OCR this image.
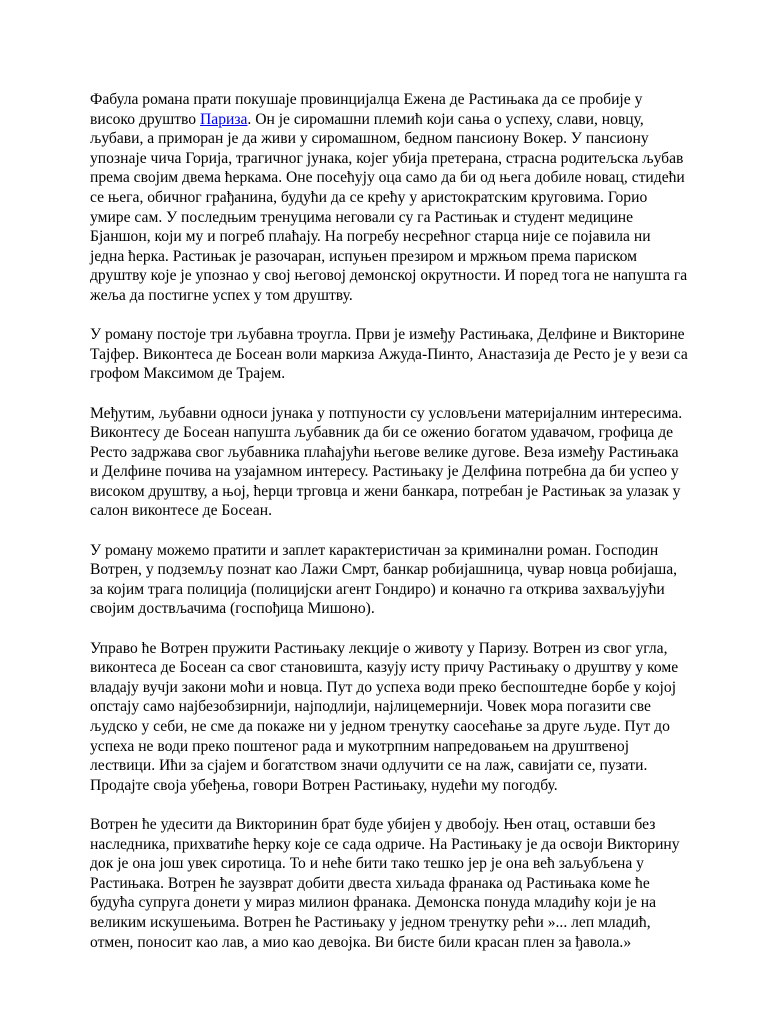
Фабула романа прати покушаје провинцијалца Ежена де Растињака да се пробије у високо друштво Париза. Он је сиромашни племић који сања о успеху, слави, новцу, љубави, а приморан је да живи у сиромашном, бедном пансиону Вокер. У пансиону упознаје чича Горија, трагичног јунака, којег убија претерана, страсна родитељска љубав према својим двема ћеркама. Оне посећују оца само да би од њега добиле новац, стидећи се њега, обичног грађанина, будући да се крећу у аристократским круговима. Горио умире сам. У последњим тренуцима неговали су га Растињак и студент медицине Бјаншон, који му и погреб плаћају. На погребу несрећног старца није се појавила ни једна ћерка. Растињак је разочаран, испуњен презиром и мржњом према париском друштву које је упознао у свој његовој демонској окрутности. И поред тога не напушта га жеља да постигне успех у том друштву.

У роману постоје три љубавна троугла. Први је између Растињака, Делфине и Викторине Тајфер. Виконтеса де Босеан воли маркиза Ажуда-Пинто, Анастазија де Ресто је у вези са грофом Максимом де Трајем.

Међутим, љубавни односи јунака у потпуности су условљени материјалним интересима. Виконтесу де Босеан напушта љубавник да би се оженио богатом удавачом, грофица де Ресто задржава свог љубавника плаћајући његове велике дугове. Веза између Растињака и Делфине почива на узајамном интересу. Растињаку је Делфина потребна да би успео у високом друштву, а њој, ћерци трговца и жени банкара, потребан је Растињак за улазак у салон виконтесе де Босеан.

У роману можемо пратити и заплет карактеристичан за криминални роман. Господин Вотрен, у подземљу познат као Лажи Смрт, банкар робијашница, чувар новца робијаша, за којим трага полиција (полицијски агент Гондиро) и коначно га открива захваљујући својим доствљачима (госпођица Мишоно).

Управо ће Вотрен пружити Растињаку лекције о животу у Паризу. Вотрен из свог угла, виконтеса де Босеан са свог становишта, казују исту причу Растињаку о друштву у коме владају вучји закони моћи и новца. Пут до успеха води преко беспоштедне борбе у којој опстају само најбезобзирнији, најподлији, најлицемернији. Човек мора погазити све људско у себи, не сме да покаже ни у једном тренутку саосећање за друге људе. Пут до успеха не води преко поштеног рада и мукотрпним напредовањем на друштвеној лествици. Ићи за сјајем и богатством значи одлучити се на лаж, савијати се, пузати. Продајте своја убеђења, говори Вотрен Растињаку, нудећи му погодбу.

Вотрен ће удесити да Викторинин брат буде убијен у двобоју. Њен отац, оставши без наследника, прихватиће ћерку које се сада одриче. На Растињаку је да освоји Викторину док је она још увек сиротица. То и неће бити тако тешко јер је она већ заљубљена у Растињака. Вотрен ће заузврат добити двеста хиљада франака од Растињака коме ће будућа супруга донети у мираз милион франака. Демонска понуда младићу који је на великим искушењима. Вотрен ће Растињаку у једном тренутку рећи »... леп младић, отмен, поносит као лав, а мио као девојка. Ви бисте били красан плен за ђавола.»
